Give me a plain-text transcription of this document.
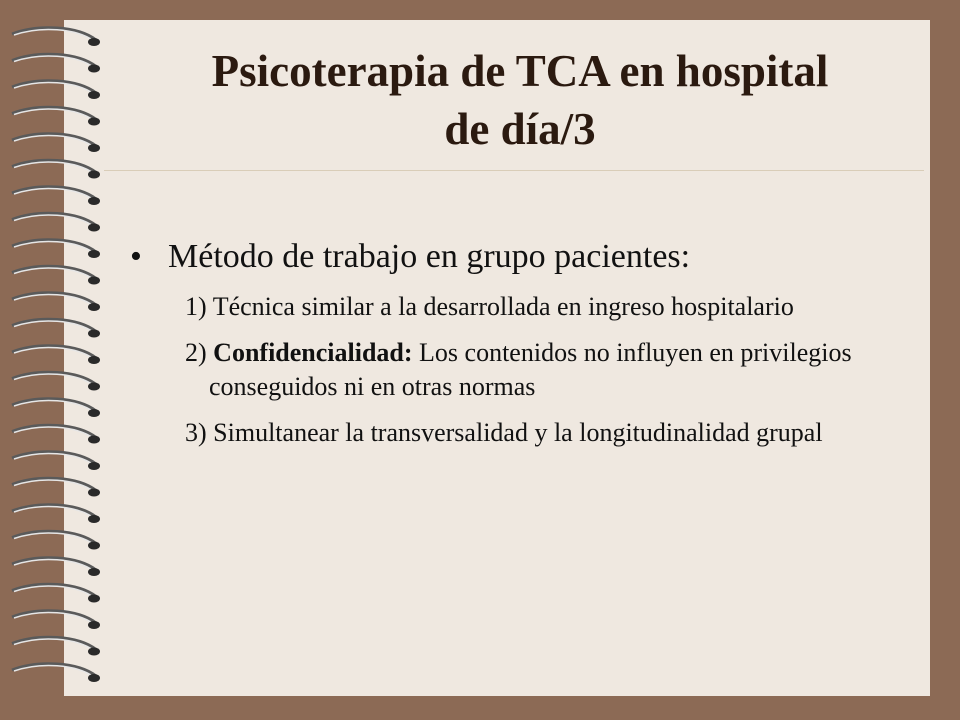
Psicoterapia de TCA en hospital
de día/3
• Método de trabajo en grupo pacientes:
1) Técnica similar a la desarrollada en ingreso hospitalario
2) Confidencialidad: Los contenidos no influyen en privilegios conseguidos ni en otras normas
3) Simultanear la transversalidad y la longitudinalidad grupal
